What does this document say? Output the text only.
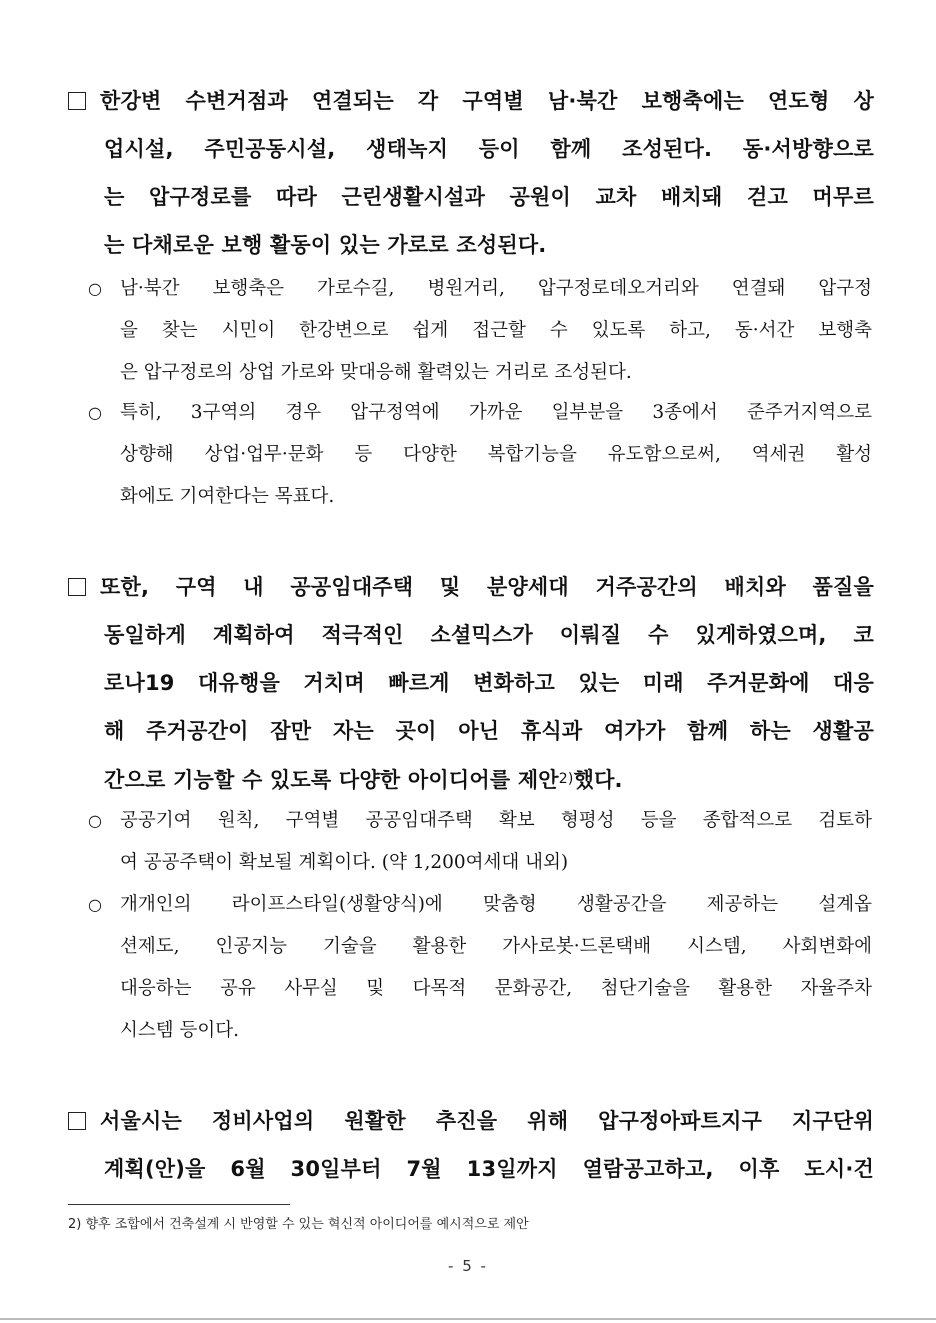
한강변 수변거점과 연결되는 각 구역별 남·북간 보행축에는 연도형 상
업시설, 주민공동시설, 생태녹지 등이 함께 조성된다. 동·서방향으로
는 압구정로를 따라 근린생활시설과 공원이 교차 배치돼 걷고 머무르
는 다채로운 보행 활동이 있는 가로로 조성된다.
○ 남·북간 보행축은 가로수길, 병원거리, 압구정로데오거리와 연결돼 압구정
을 찾는 시민이 한강변으로 쉽게 접근할 수 있도록 하고, 동·서간 보행축
은 압구정로의 상업 가로와 맞대응해 활력있는 거리로 조성된다.
○ 특히, 3구역의 경우 압구정역에 가까운 일부분을 3종에서 준주거지역으로
상향해 상업·업무·문화 등 다양한 복합기능을 유도함으로써, 역세권 활성
화에도 기여한다는 목표다.
또한, 구역 내 공공임대주택 및 분양세대 거주공간의 배치와 품질을
동일하게 계획하여 적극적인 소셜믹스가 이뤄질 수 있게하였으며, 코
로나19 대유행을 거치며 빠르게 변화하고 있는 미래 주거문화에 대응
해 주거공간이 잠만 자는 곳이 아닌 휴식과 여가가 함께 하는 생활공
간으로 기능할 수 있도록 다양한 아이디어를 제안$^{2)}$했다.
○ 공공기여 원칙, 구역별 공공임대주택 확보 형평성 등을 종합적으로 검토하
여 공공주택이 확보될 계획이다. (약 1,200여세대 내외)
○ 개개인의 라이프스타일(생활양식)에 맞춤형 생활공간을 제공하는 설계옵
션제도, 인공지능 기술을 활용한 가사로봇·드론택배 시스템, 사회변화에
대응하는 공유 사무실 및 다목적 문화공간, 첨단기술을 활용한 자율주차
시스템 등이다.
서울시는 정비사업의 원활한 추진을 위해 압구정아파트지구 지구단위
계획(안)을 6월 30일부터 7월 13일까지 열람공고하고, 이후 도시·건
2) 향후 조합에서 건축설계 시 반영할 수 있는 혁신적 아이디어를 예시적으로 제안
- 5 -
